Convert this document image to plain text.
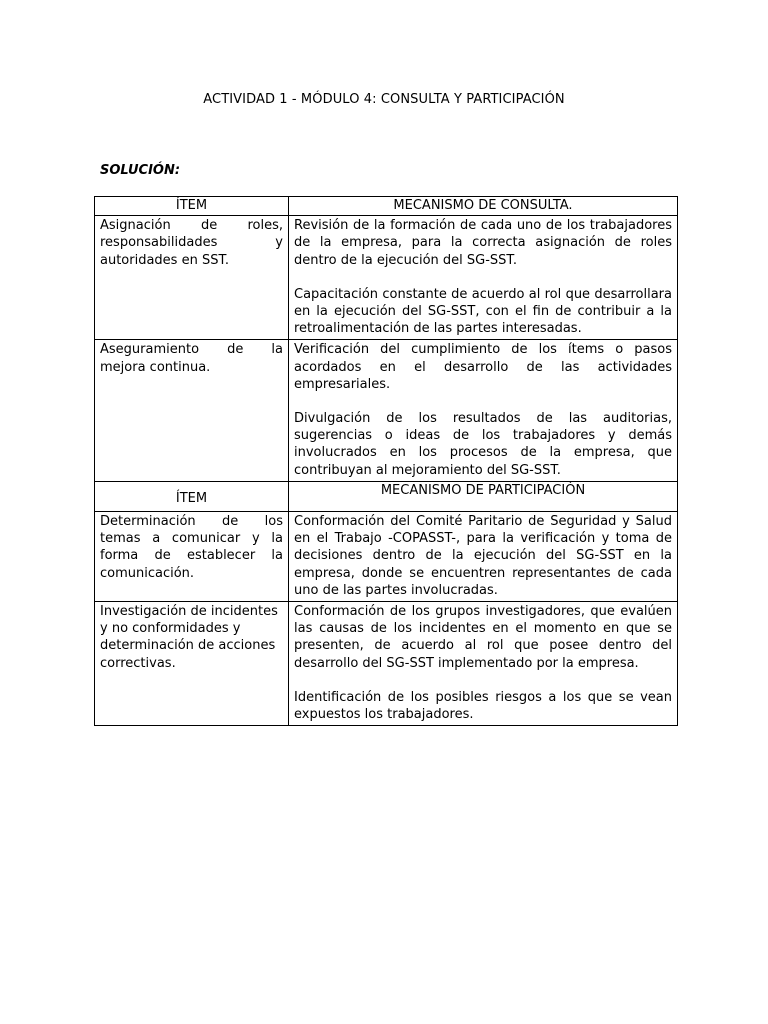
ACTIVIDAD 1 - MÓDULO 4: CONSULTA Y PARTICIPACIÓN
SOLUCIÓN:
ÍTEM	MECANISMO DE CONSULTA.
Asignación de roles, responsabilidades y autoridades en SST.	Revisión de la formación de cada uno de los trabajadores de la empresa, para la correcta asignación de roles dentro de la ejecución del SG-SST.

Capacitación constante de acuerdo al rol que desarrollara en la ejecución del SG-SST, con el fin de contribuir a la retroalimentación de las partes interesadas.

Aseguramiento de la mejora continua.	Verificación del cumplimiento de los ítems o pasos acordados en el desarrollo de las actividades empresariales.

Divulgación de los resultados de las auditorias, sugerencias o ideas de los trabajadores y demás involucrados en los procesos de la empresa, que contribuyan al mejoramiento del SG-SST.

ÍTEM	MECANISMO DE PARTICIPACIÓN
Determinación de los temas a comunicar y la forma de establecer la comunicación.	Conformación del Comité Paritario de Seguridad y Salud en el Trabajo -COPASST-, para la verificación y toma de decisiones dentro de la ejecución del SG-SST en la empresa, donde se encuentren representantes de cada uno de las partes involucradas.

Investigación de incidentes y no conformidades y determinación de acciones correctivas.	Conformación de los grupos investigadores, que evalúen las causas de los incidentes en el momento en que se presenten, de acuerdo al rol que posee dentro del desarrollo del SG-SST implementado por la empresa.

Identificación de los posibles riesgos a los que se vean expuestos los trabajadores.
